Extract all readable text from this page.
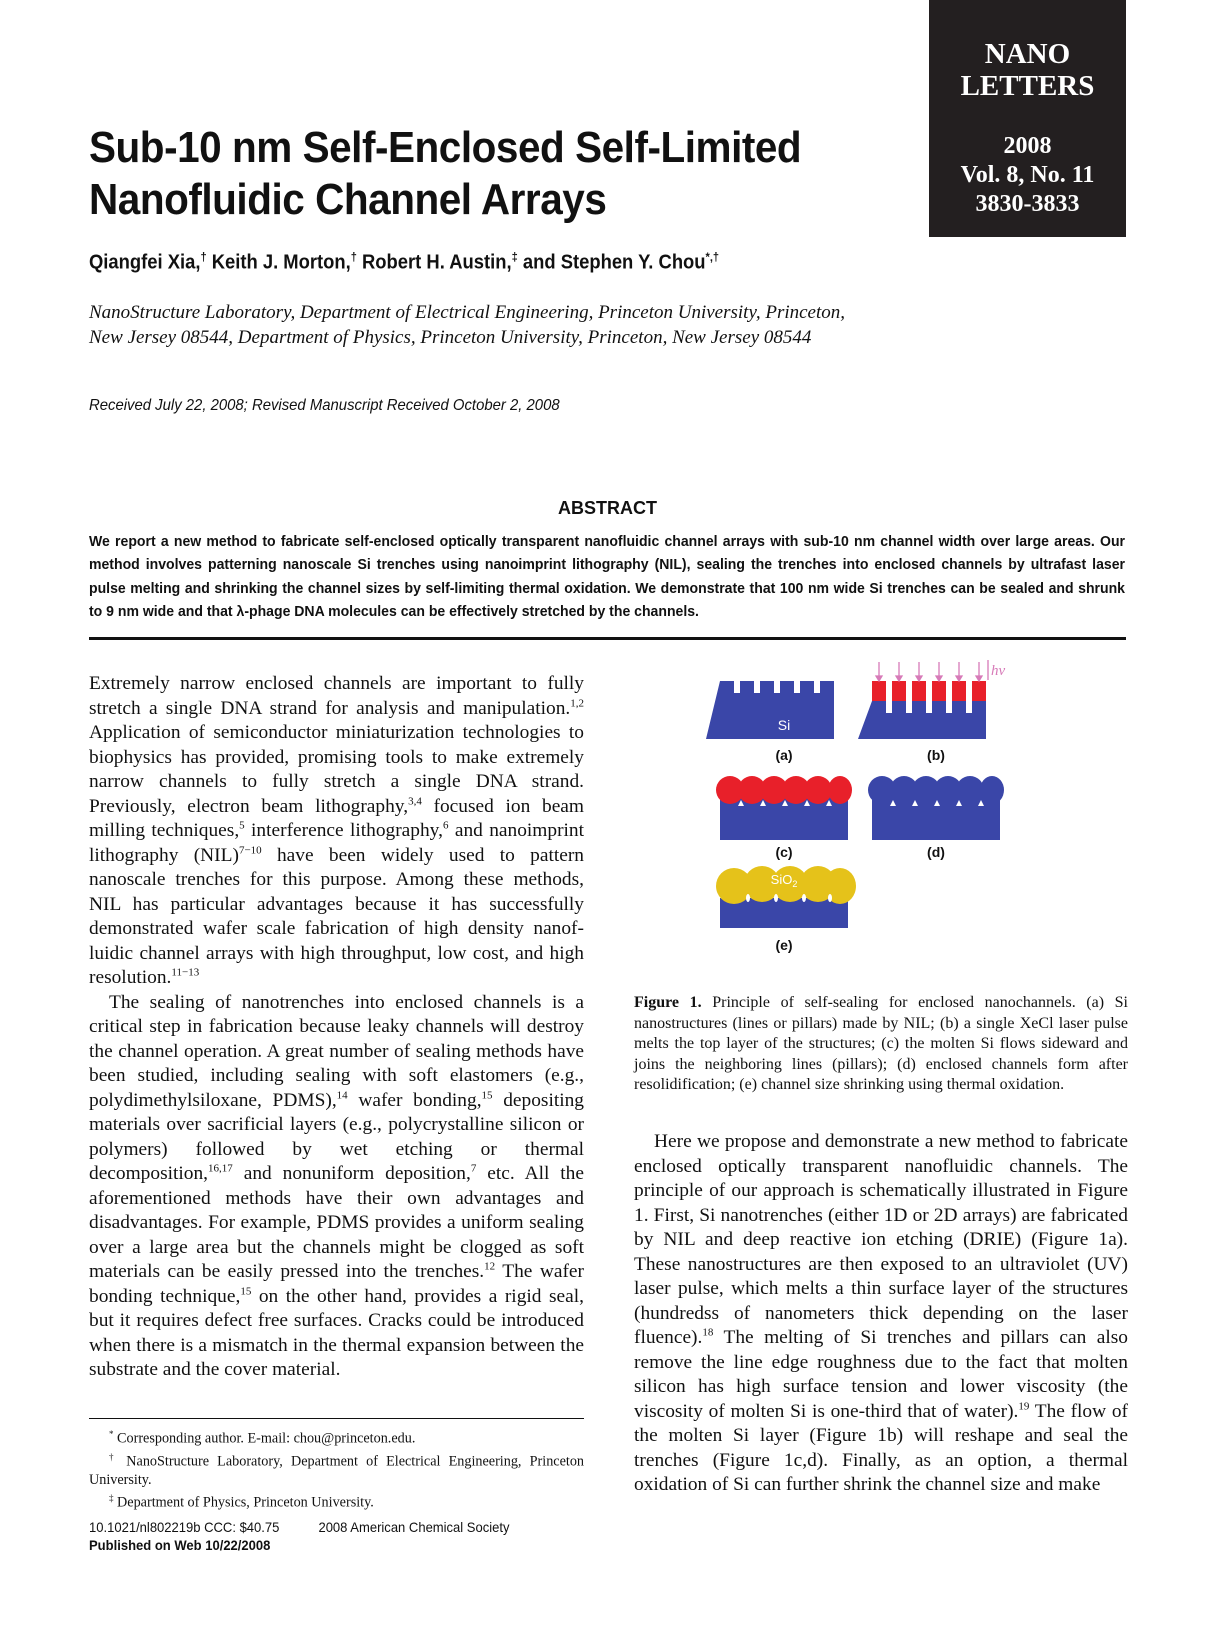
NANO
LETTERS
2008
Vol. 8, No. 11
3830-3833
Sub-10 nm Self-Enclosed Self-Limited
Nanofluidic Channel Arrays
Qiangfei Xia,† Keith J. Morton,† Robert H. Austin,‡ and Stephen Y. Chou*,†
NanoStructure Laboratory, Department of Electrical Engineering, Princeton University, Princeton, New Jersey 08544, Department of Physics, Princeton University, Princeton, New Jersey 08544
Received July 22, 2008; Revised Manuscript Received October 2, 2008
ABSTRACT
We report a new method to fabricate self-enclosed optically transparent nanofluidic channel arrays with sub-10 nm channel width over large areas. Our method involves patterning nanoscale Si trenches using nanoimprint lithography (NIL), sealing the trenches into enclosed channels by ultrafast laser pulse melting and shrinking the channel sizes by self-limiting thermal oxidation. We demonstrate that 100 nm wide Si trenches can be sealed and shrunk to 9 nm wide and that λ-phage DNA molecules can be effectively stretched by the channels.

Extremely narrow enclosed channels are important to fully stretch a single DNA strand for analysis and manipulation.$^{1,2}$ Application of semiconductor miniaturization technologies to biophysics has provided, promising tools to make extremely narrow channels to fully stretch a single DNA strand. Previously, electron beam lithography,$^{3,4}$ focused ion beam milling techniques,$^5$ interference lithography,$^6$ and nanoimprint lithography (NIL)$^{7-10}$ have been widely used to pattern nanoscale trenches for this purpose. Among these methods, NIL has particular advantages because it has successfully demonstrated wafer scale fabrication of high density nanofluidic channel arrays with high throughput, low cost, and high resolution.$^{11-13}$

The sealing of nanotrenches into enclosed channels is a critical step in fabrication because leaky channels will destroy the channel operation. A great number of sealing methods have been studied, including sealing with soft elastomers (e.g., polydimethylsiloxane, PDMS),$^{14}$ wafer bonding,$^{15}$ depositing materials over sacrificial layers (e.g., polycrystalline silicon or polymers) followed by wet etching or thermal decomposition,$^{16,17}$ and nonuniform deposition,$^7$ etc. All the aforementioned methods have their own advantages and disadvantages. For example, PDMS provides a uniform sealing over a large area but the channels might be clogged as soft materials can be easily pressed into the trenches.$^{12}$ The wafer bonding technique,$^{15}$ on the other hand, provides a rigid seal, but it requires defect free surfaces. Cracks could be introduced when there is a mismatch in the thermal expansion between the substrate and the cover material.

Si
(a)
hν
(b)
(c)	(d)
SiO$_2$
(e)
Figure 1. Principle of self-sealing for enclosed nanochannels. (a) Si nanostructures (lines or pillars) made by NIL; (b) a single XeCl laser pulse melts the top layer of the structures; (c) the molten Si flows sideward and joins the neighboring lines (pillars); (d) enclosed channels form after resolidification; (e) channel size shrinking using thermal oxidation.

Here we propose and demonstrate a new method to fabricate enclosed optically transparent nanofluidic channels. The principle of our approach is schematically illustrated in Figure 1. First, Si nanotrenches (either 1D or 2D arrays) are fabricated by NIL and deep reactive ion etching (DRIE) (Figure 1a). These nanostructures are then exposed to an ultraviolet (UV) laser pulse, which melts a thin surface layer of the structures (hundredss of nanometers thick depending on the laser fluence).$^{18}$ The melting of Si trenches and pillars can also remove the line edge roughness due to the fact that molten silicon has high surface tension and lower viscosity (the viscosity of molten Si is one-third that of water).$^{19}$ The flow of the molten Si layer (Figure 1b) will reshape and seal the trenches (Figure 1c,d). Finally, as an option, a thermal oxidation of Si can further shrink the channel size and make

* Corresponding author. E-mail: chou@princeton.edu.

† NanoStructure Laboratory, Department of Electrical Engineering, Princeton University.

‡ Department of Physics, Princeton University.

10.1021/nl802219b CCC: $40.75	2008 American Chemical Society
Published on Web 10/22/2008
